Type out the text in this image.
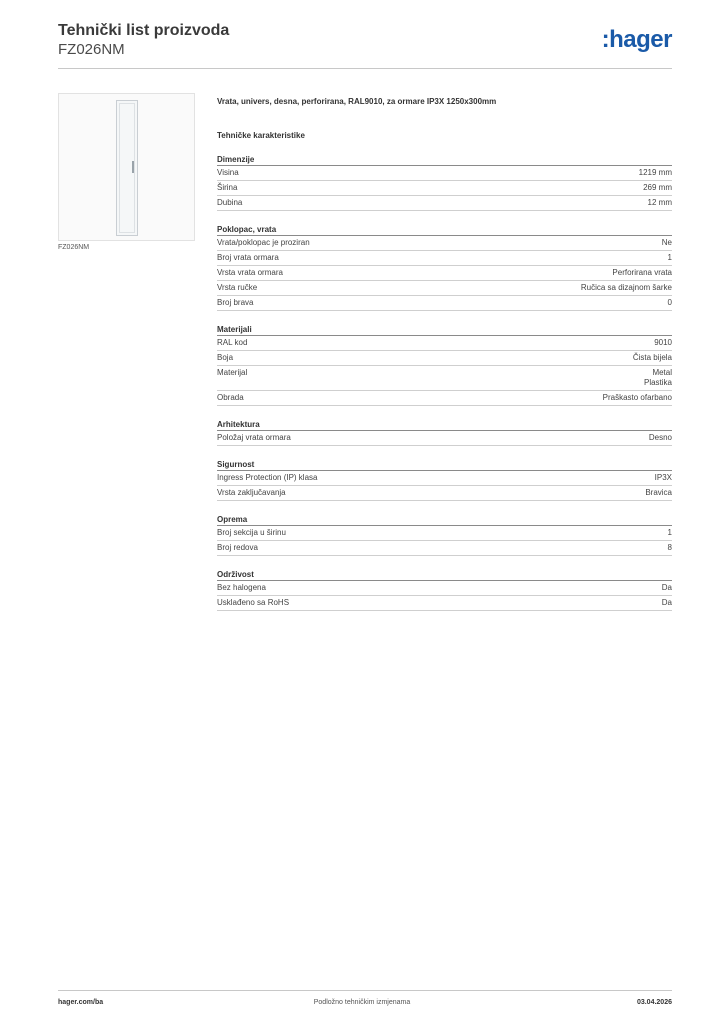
Tehnički list proizvoda
FZ026NM	:hager
FZ026NM
Vrata, univers, desna, perforirana, RAL9010, za ormare IP3X 1250x300mm
Tehničke karakteristike
Dimenzije
Visina	1219 mm
Širina	269 mm
Dubina	12 mm
Poklopac, vrata
Vrata/poklopac je proziran	Ne
Broj vrata ormara	1
Vrsta vrata ormara	Perforirana vrata
Vrsta ručke	Ručica sa dizajnom šarke
Broj brava	0
Materijali
RAL kod	9010
Boja	Čista bijela
Materijal	Metal
Plastika
Obrada	Praškasto ofarbano
Arhitektura
Položaj vrata ormara	Desno
Sigurnost
Ingress Protection (IP) klasa	IP3X
Vrsta zaključavanja	Bravica
Oprema
Broj sekcija u širinu	1
Broj redova	8
Održivost
Bez halogena	Da
Usklađeno sa RoHS	Da
hager.com/ba	Podložno tehničkim izmjenama	03.04.2026
